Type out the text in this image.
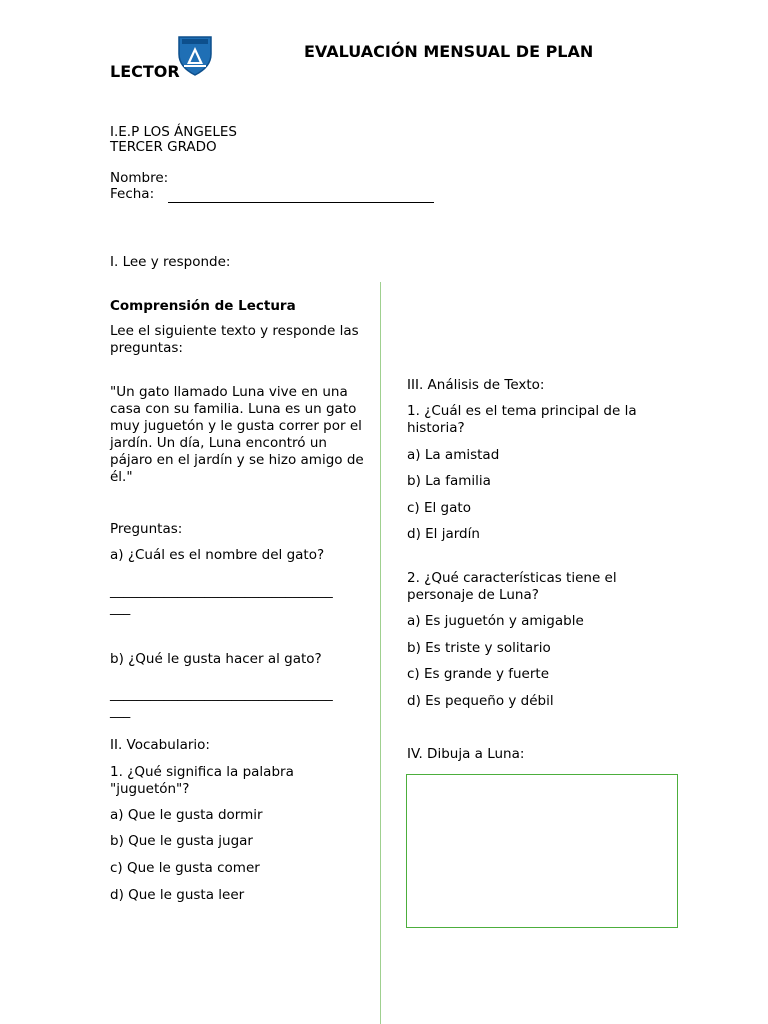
EVALUACIÓN MENSUAL DE PLAN
LECTOR
I.E.P LOS ÁNGELES
TERCER GRADO
Nombre:
Fecha:
I. Lee y responde:
Comprensión de Lectura
Lee el siguiente texto y responde las preguntas:
"Un gato llamado Luna vive en una casa con su familia. Luna es un gato muy juguetón y le gusta correr por el jardín. Un día, Luna encontró un pájaro en el jardín y se hizo amigo de él."
Preguntas:
a) ¿Cuál es el nombre del gato?
_________________________________
___
b) ¿Qué le gusta hacer al gato?
_________________________________
___
II. Vocabulario:
1. ¿Qué significa la palabra "juguetón"?
a) Que le gusta dormir
b) Que le gusta jugar
c) Que le gusta comer
d) Que le gusta leer
III. Análisis de Texto:
1. ¿Cuál es el tema principal de la historia?
a) La amistad
b) La familia
c) El gato
d) El jardín
2. ¿Qué características tiene el personaje de Luna?
a) Es juguetón y amigable
b) Es triste y solitario
c) Es grande y fuerte
d) Es pequeño y débil
IV. Dibuja a Luna:
